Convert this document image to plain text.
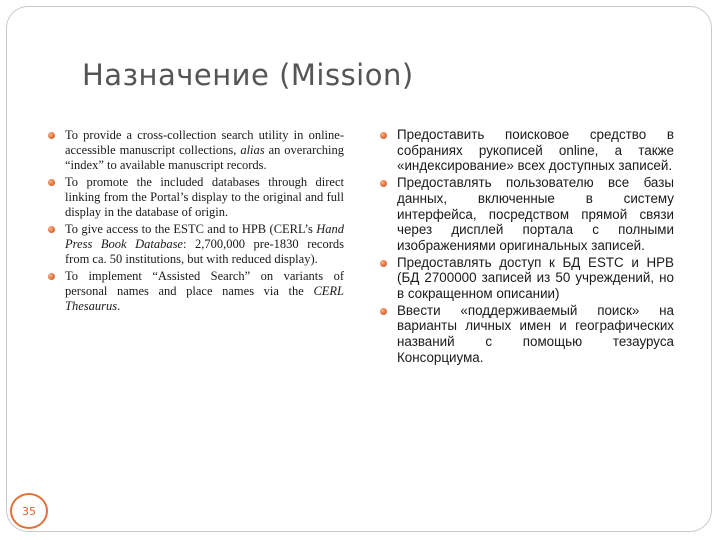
Назначение (Mission)
To provide a cross-collection search utility in online-accessible manuscript collections, alias an overarching “index” to available manuscript records.
To promote the included databases through direct linking from the Portal’s display to the original and full display in the database of origin.
To give access to the ESTC and to HPB (CERL’s Hand Press Book Database: 2,700,000 pre-1830 records from ca. 50 institutions, but with reduced display).
To implement “Assisted Search” on variants of personal names and place names via the CERL Thesaurus.
Предоставить поисковое средство в собраниях рукописей online, а также «индексирование» всех доступных записей.
Предоставлять пользователю все базы данных, включенные в систему интерфейса, посредством прямой связи через дисплей портала с полными изображениями оригинальных записей.
Предоставлять доступ к БД ESTC и HPB (БД 2700000 записей из 50 учреждений, но в сокращенном описании)
Ввести «поддерживаемый поиск» на варианты личных имен и географических названий с помощью тезауруса Консорциума.
35
